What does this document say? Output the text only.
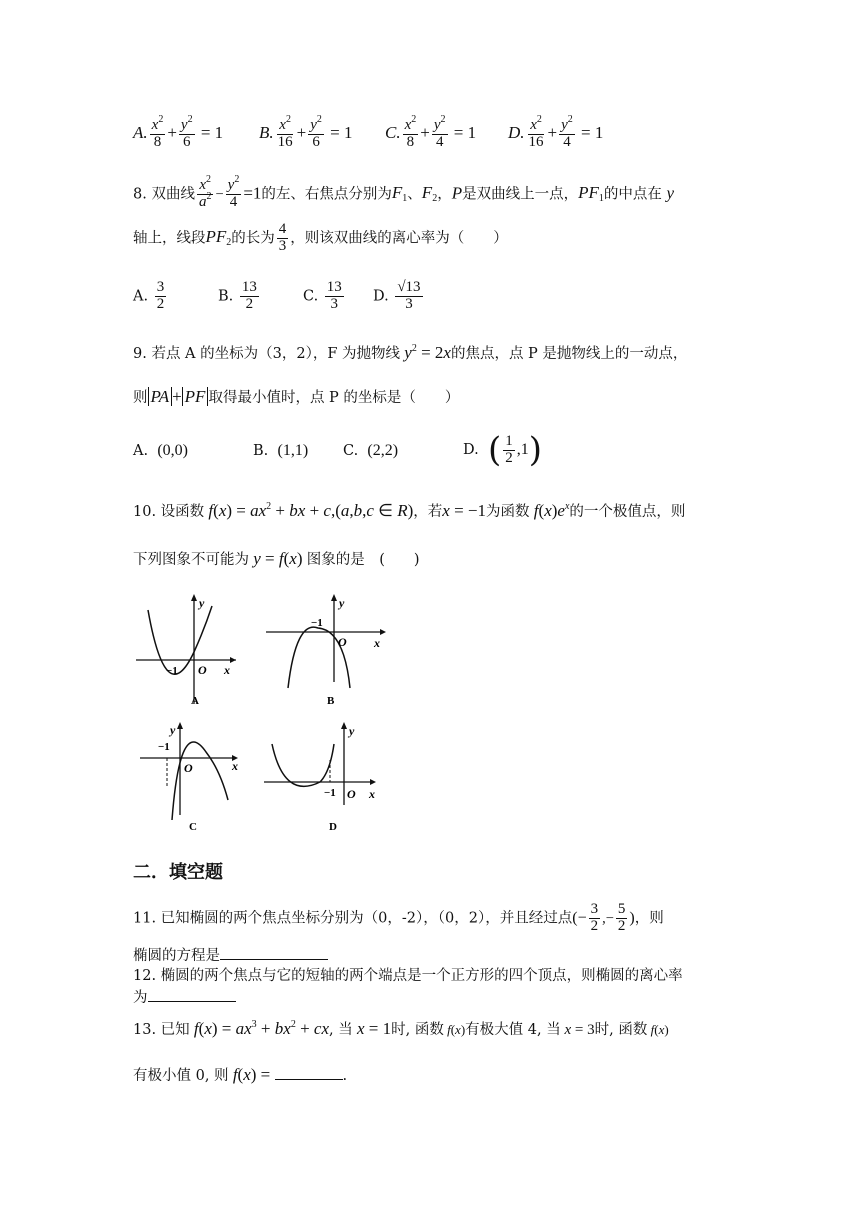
A. $\frac{x^2}{8} + \frac{y^2}{6} = 1$ B. $\frac{x^2}{16} + \frac{y^2}{6} = 1$ C. $\frac{x^2}{8} + \frac{y^2}{4} = 1$ D. $\frac{x^2}{16} + \frac{y^2}{4} = 1$
8. 双曲线 $\frac{x^2}{a^2} - \frac{y^2}{4} =1$的左、右焦点分别为$F_1$、$F_2$，P是双曲线上一点，$PF_1$的中点在 y
轴上，线段$PF_2$的长为 $\frac{4}{3}$ ，则该双曲线的离心率为（　　）
A. $\frac{3}{2}$	B. $\frac{13}{2}$	C. $\frac{13}{3} D$. $\frac{√13}{3}$
9. 若点 A 的坐标为（3，2），F 为抛物线 $y^2 = 2x$的焦点，点 P 是抛物线上的一动点，
则 PA + PF 取得最小值时，点 P 的坐标是（　　）
A. (0,0)	B. (1,1) C. (2,2)	D. ( $\frac{1}{2} ,1$)
10. 设函数 $f(x) = ax^2$ + bx + c,(a,b,c ∈ R)，若x = −1为函数 $f(x)e^x$的一个极值点，则
下列图象不可能为 y = f(x) 图象的是　(　　)
y
x
O
−1
A
y
x
O
−1
B
y
x
O
−1
C
y
x
O
−1
D
二．填空题
11. 已知椭圆的两个焦点坐标分别为（0，-2），（0，2），并且经过点(− $\frac{3}{2}$ ,− $\frac{5}{2}$ )，则
椭圆的方程是
12. 椭圆的两个焦点与它的短轴的两个端点是一个正方形的四个顶点，则椭圆的离心率
为
13. 已知 $f(x) = ax^3 + bx^2$ + cx, 当 x = 1时, 函数 f(x)有极大值 4, 当 x = 3时, 函数 f(x)
有极小值 0, 则 f(x) =	.
